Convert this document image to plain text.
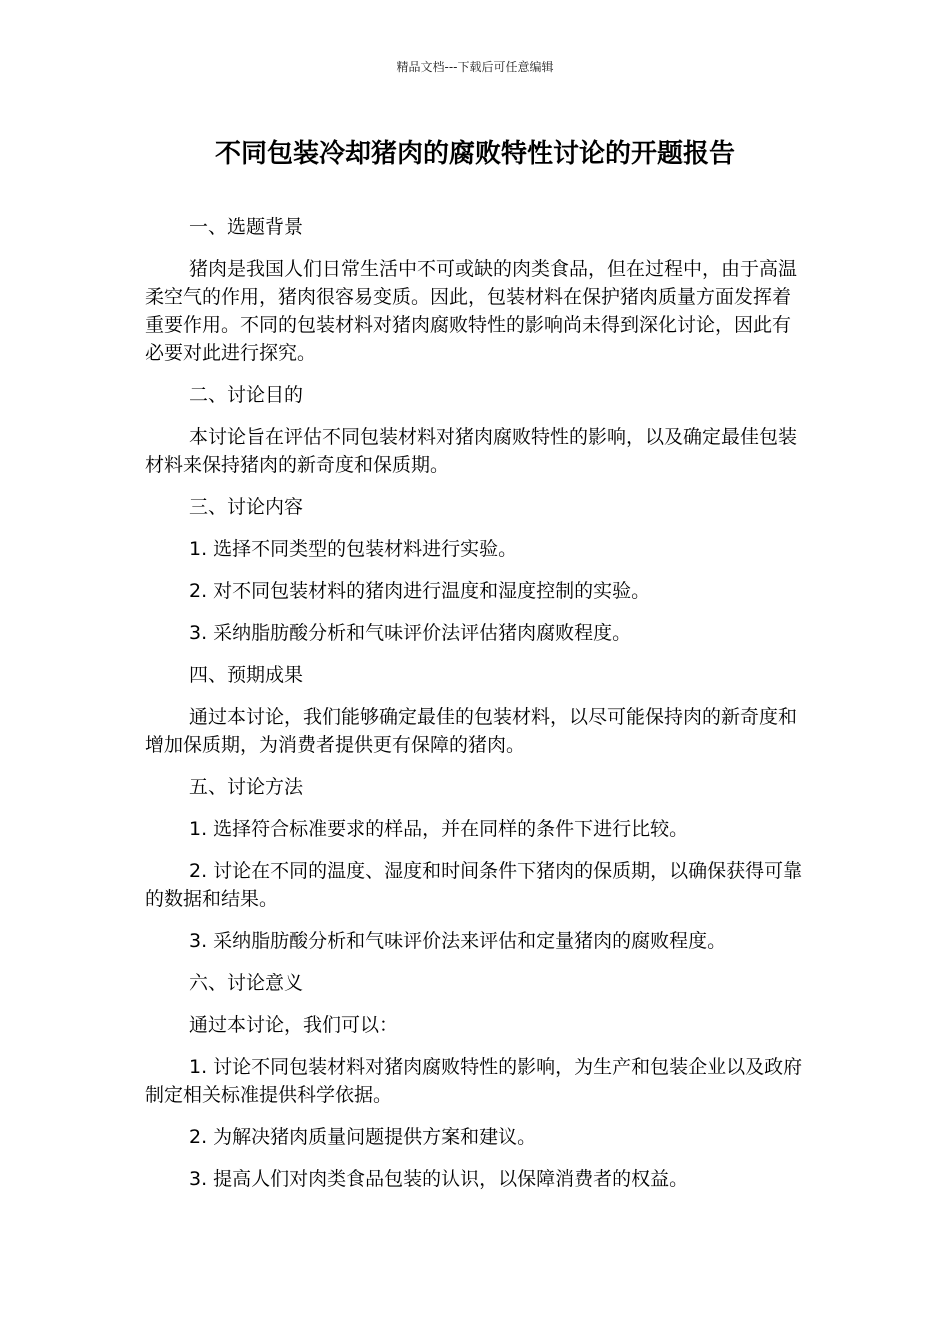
精品文档---下载后可任意编辑
不同包装冷却猪肉的腐败特性讨论的开题报告

一、选题背景

猪肉是我国人们日常生活中不可或缺的肉类食品，但在过程中，由于高温柔空气的作用，猪肉很容易变质。因此，包装材料在保护猪肉质量方面发挥着重要作用。不同的包装材料对猪肉腐败特性的影响尚未得到深化讨论，因此有必要对此进行探究。

二、讨论目的

本讨论旨在评估不同包装材料对猪肉腐败特性的影响，以及确定最佳包装材料来保持猪肉的新奇度和保质期。

三、讨论内容

1. 选择不同类型的包装材料进行实验。

2. 对不同包装材料的猪肉进行温度和湿度控制的实验。

3. 采纳脂肪酸分析和气味评价法评估猪肉腐败程度。

四、预期成果

通过本讨论，我们能够确定最佳的包装材料，以尽可能保持肉的新奇度和增加保质期，为消费者提供更有保障的猪肉。

五、讨论方法

1. 选择符合标准要求的样品，并在同样的条件下进行比较。

2. 讨论在不同的温度、湿度和时间条件下猪肉的保质期，以确保获得可靠的数据和结果。

3. 采纳脂肪酸分析和气味评价法来评估和定量猪肉的腐败程度。

六、讨论意义

通过本讨论，我们可以：

1. 讨论不同包装材料对猪肉腐败特性的影响，为生产和包装企业以及政府制定相关标准提供科学依据。

2. 为解决猪肉质量问题提供方案和建议。

3. 提高人们对肉类食品包装的认识，以保障消费者的权益。
